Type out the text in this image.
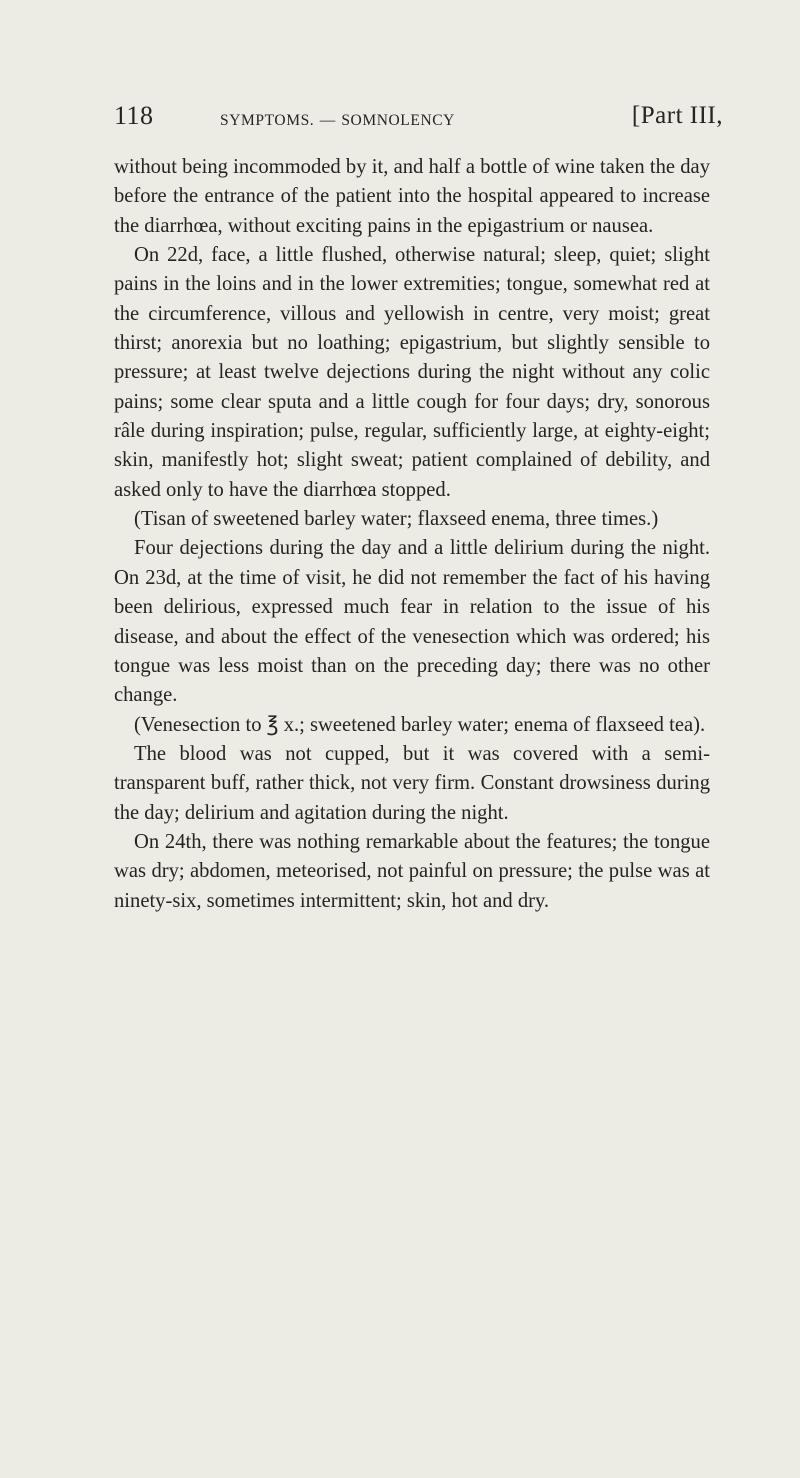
118	SYMPTOMS. — SOMNOLENCY	[Part III,

without being incommoded by it, and half a bottle of wine taken the day before the entrance of the patient into the hospital appeared to increase the diarrhœa, without exciting pains in the epigastrium or nausea.

On 22d, face, a little flushed, otherwise natural; sleep, quiet; slight pains in the loins and in the lower extremities; tongue, somewhat red at the circumference, villous and yellowish in centre, very moist; great thirst; anorexia but no loathing; epigastrium, but slightly sensible to pressure; at least twelve dejections during the night without any colic pains; some clear sputa and a little cough for four days; dry, sonorous râle during inspiration; pulse, regular, sufficiently large, at eighty-eight; skin, manifestly hot; slight sweat; patient complained of debility, and asked only to have the diarrhœa stopped.

(Tisan of sweetened barley water; flaxseed enema, three times.)

Four dejections during the day and a little delirium during the night. On 23d, at the time of visit, he did not remember the fact of his having been delirious, expressed much fear in relation to the issue of his disease, and about the effect of the venesection which was ordered; his tongue was less moist than on the preceding day; there was no other change.

(Venesection to ℥ x.; sweetened barley water; enema of flaxseed tea).

The blood was not cupped, but it was covered with a semi-transparent buff, rather thick, not very firm. Constant drowsiness during the day; delirium and agitation during the night.

On 24th, there was nothing remarkable about the features; the tongue was dry; abdomen, meteorised, not painful on pressure; the pulse was at ninety-six, sometimes intermittent; skin, hot and dry.
